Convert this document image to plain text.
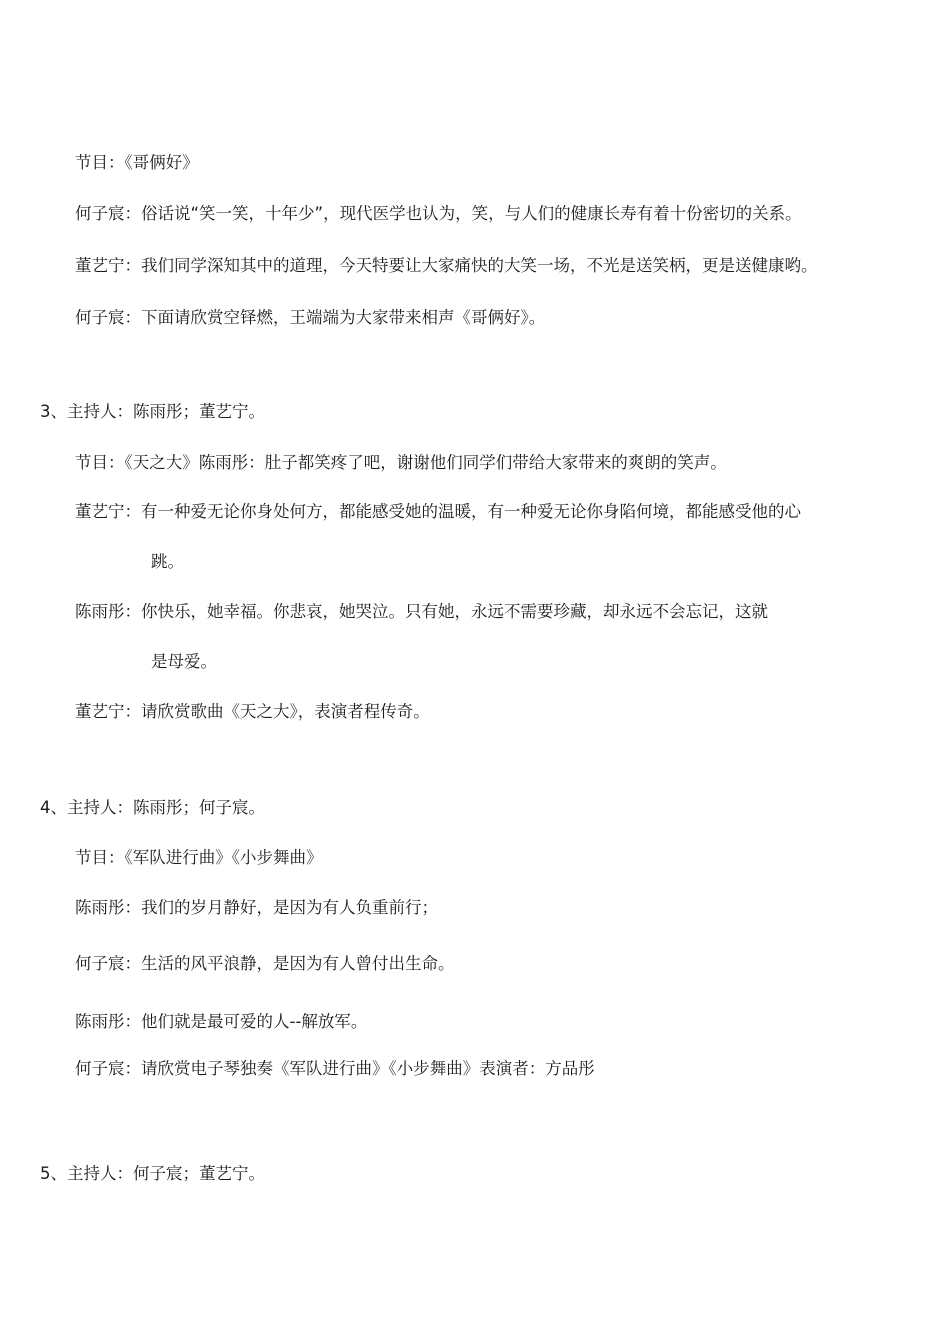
节目：《哥俩好》
何子宸：俗话说“笑一笑，十年少”，现代医学也认为，笑，与人们的健康长寿有着十份密切的关系。
董艺宁：我们同学深知其中的道理，今天特要让大家痛快的大笑一场，不光是送笑柄，更是送健康哟。
何子宸：下面请欣赏空铎燃，王端端为大家带来相声《哥俩好》。
3、主持人：陈雨彤；董艺宁。
节目：《天之大》陈雨彤：肚子都笑疼了吧，谢谢他们同学们带给大家带来的爽朗的笑声。
董艺宁：有一种爱无论你身处何方，都能感受她的温暖，有一种爱无论你身陷何境，都能感受他的心
跳。
陈雨彤：你快乐，她幸福。你悲哀，她哭泣。只有她，永远不需要珍藏，却永远不会忘记，这就
是母爱。
董艺宁：请欣赏歌曲《天之大》，表演者程传奇。
4、主持人：陈雨彤；何子宸。
节目：《军队进行曲》《小步舞曲》
陈雨彤：我们的岁月静好，是因为有人负重前行；
何子宸：生活的风平浪静，是因为有人曾付出生命。
陈雨彤：他们就是最可爱的人--解放军。
何子宸：请欣赏电子琴独奏《军队进行曲》《小步舞曲》表演者：方品彤
5、主持人：何子宸；董艺宁。
